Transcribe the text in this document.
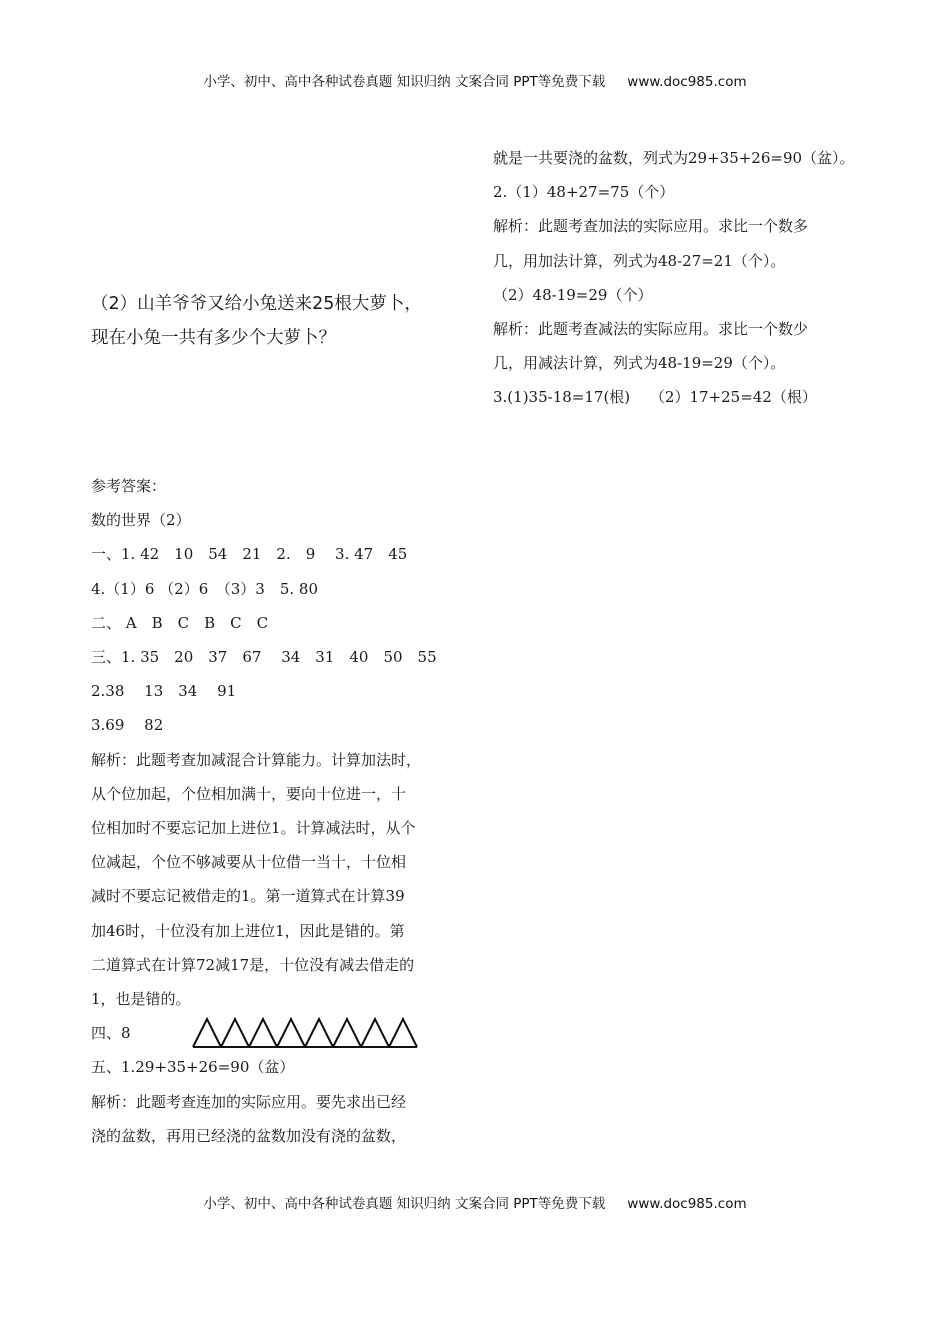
小学、初中、高中各种试卷真题 知识归纳 文案合同 PPT等免费下载 www.doc985.com
就是一共要浇的盆数，列式为29+35+26=90（盆）。
2.（1）48+27=75（个）
解析：此题考查加法的实际应用。求比一个数多
几，用加法计算，列式为48-27=21（个）。
（2）48-19=29（个）
解析：此题考查减法的实际应用。求比一个数少
几，用减法计算，列式为48-19=29（个）。
3.(1)35-18=17(根)　 （2）17+25=42（根）
（2）山羊爷爷又给小兔送来25根大萝卜，
现在小兔一共有多少个大萝卜？
参考答案：
数的世界（2）
一、1. 42　10　54　21　2.　9　 3. 47　45
4.（1）6 （2）6　（3）3　5. 80
二、 A　B　C　B　C　C
三、1. 35　20　37　67　 34　31　40　50　55
2.38　 13　34　 91
3.69　 82
解析：此题考查加减混合计算能力。计算加法时，
从个位加起，个位相加满十，要向十位进一，十
位相加时不要忘记加上进位1。计算减法时，从个
位减起，个位不够减要从十位借一当十，十位相
减时不要忘记被借走的1。第一道算式在计算39
加46时，十位没有加上进位1，因此是错的。第
二道算式在计算72减17是，十位没有减去借走的
1，也是错的。
四、8
五、1.29+35+26=90（盆）
解析：此题考查连加的实际应用。要先求出已经
浇的盆数，再用已经浇的盆数加没有浇的盆数，
小学、初中、高中各种试卷真题 知识归纳 文案合同 PPT等免费下载 www.doc985.com
